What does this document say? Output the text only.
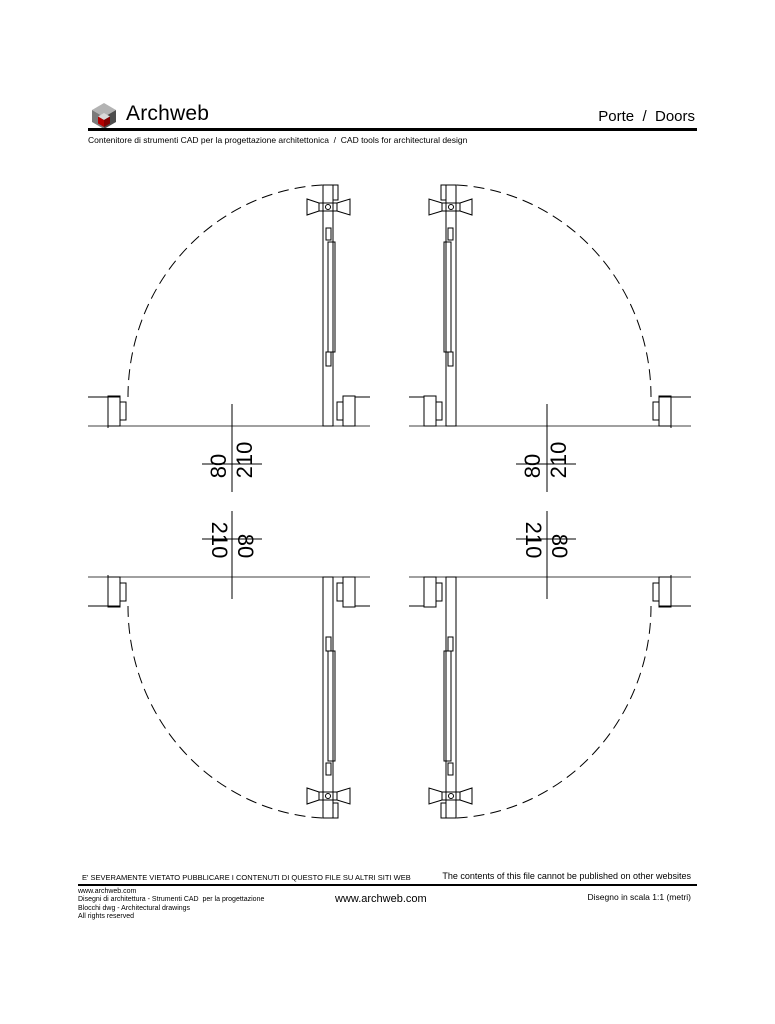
Archweb	Porte  /  Doors
Contenitore di strumenti CAD per la progettazione architettonica  /  CAD tools for architectural design
80 210	80 210
210 80	210 80
E' SEVERAMENTE VIETATO PUBBLICARE I CONTENUTI DI QUESTO FILE SU ALTRI SITI WEB	The contents of this file cannot be published on other websites
www.archweb.com
Disegni di architettura - Strumenti CAD  per la progettazione
Blocchi dwg - Architectural drawings
All rights reserved
www.archweb.com	Disegno in scala 1:1 (metri)
